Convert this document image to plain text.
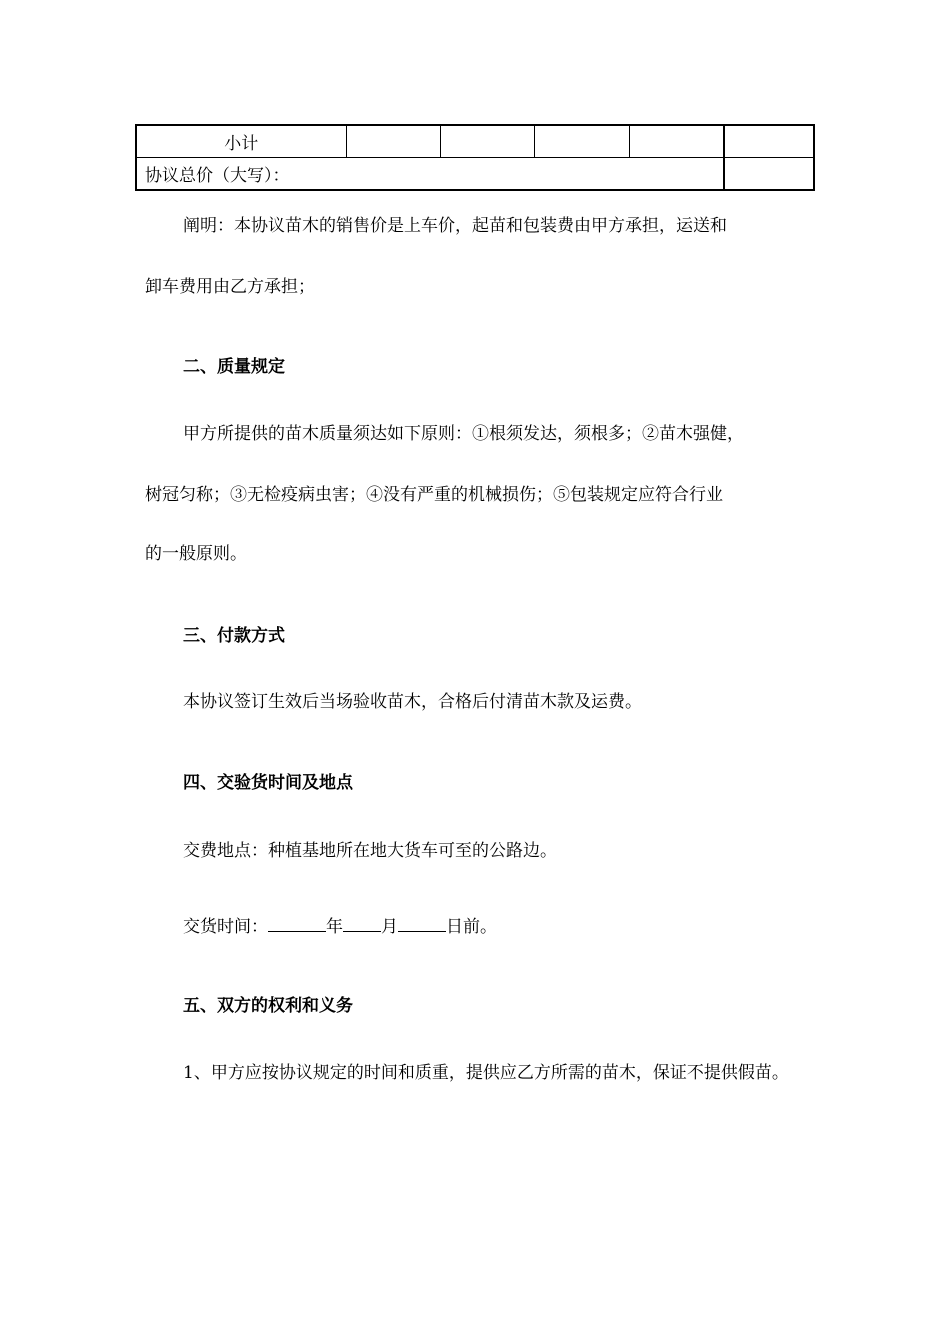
小计					
协议总价（大写）：					
阐明：本协议苗木的销售价是上车价，起苗和包装费由甲方承担，运送和
卸车费用由乙方承担；
二、质量规定
甲方所提供的苗木质量须达如下原则：①根须发达，须根多；②苗木强健，
树冠匀称；③无检疫病虫害；④没有严重的机械损伤；⑤包装规定应符合行业
的一般原则。
三、付款方式
本协议签订生效后当场验收苗木，合格后付清苗木款及运费。
四、交验货时间及地点
交费地点：种植基地所在地大货车可至的公路边。
交货时间：	年 月	日前。
五、双方的权利和义务
1、甲方应按协议规定的时间和质重，提供应乙方所需的苗木，保证不提供假苗。
